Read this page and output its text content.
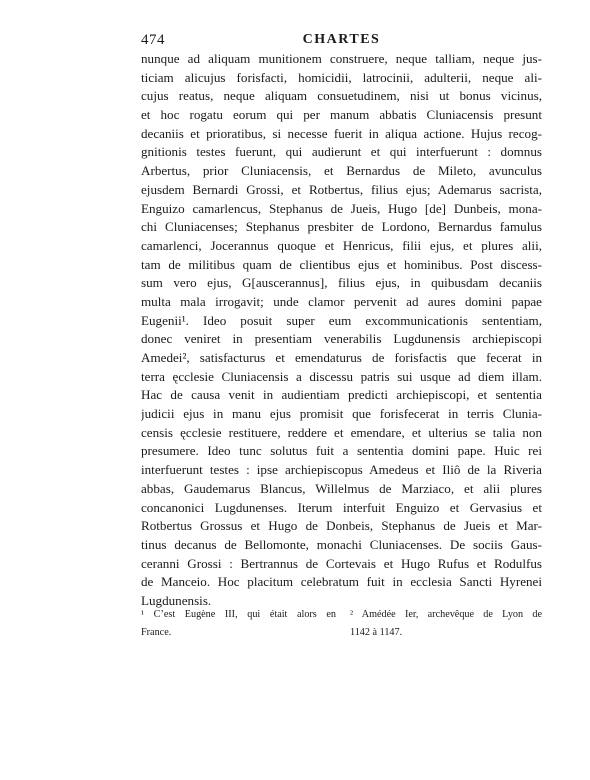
474	CHARTES
nunque ad aliquam munitionem construere, neque talliam, neque jus-
ticiam alicujus forisfacti, homicidii, latrocinii, adulterii, neque ali-
cujus reatus, neque aliquam consuetudinem, nisi ut bonus vicinus,
et hoc rogatu eorum qui per manum abbatis Cluniacensis presunt
decaniis et prioratibus, si necesse fuerit in aliqua actione. Hujus recog-
gnitionis testes fuerunt, qui audierunt et qui interfuerunt : domnus
Arbertus, prior Cluniacensis, et Bernardus de Mileto, avunculus
ejusdem Bernardi Grossi, et Rotbertus, filius ejus; Ademarus sacrista,
Enguizo camarlencus, Stephanus de Jueis, Hugo [de] Dunbeis, mona-
chi Cluniacenses; Stephanus presbiter de Lordono, Bernardus famulus
camarlenci, Jocerannus quoque et Henricus, filii ejus, et plures alii,
tam de militibus quam de clientibus ejus et hominibus. Post discess-
sum vero ejus, G[auscerannus], filius ejus, in quibusdam decaniis
multa mala irrogavit; unde clamor pervenit ad aures domini papae
Eugenii¹. Ideo posuit super eum excommunicationis sententiam,
donec veniret in presentiam venerabilis Lugdunensis archiepiscopi
Amedei², satisfacturus et emendaturus de forisfactis que fecerat in
terra ęcclesie Cluniacensis a discessu patris sui usque ad diem illam.
Hac de causa venit in audientiam predicti archiepiscopi, et sententia
judicii ejus in manu ejus promisit que forisfecerat in terris Clunia-
censis ęcclesie restituere, reddere et emendare, et ulterius se talia non
presumere. Ideo tunc solutus fuit a sententia domini pape. Huic rei
interfuerunt testes : ipse archiepiscopus Amedeus et Iliô de la Riveria
abbas, Gaudemarus Blancus, Willelmus de Marziaco, et alii plures
concanonici Lugdunenses. Iterum interfuit Enguizo et Gervasius et
Rotbertus Grossus et Hugo de Donbeis, Stephanus de Jueis et Mar-
tinus decanus de Bellomonte, monachi Cluniacenses. De sociis Gaus-
ceranni Grossi : Bertrannus de Cortevais et Hugo Rufus et Rodulfus
de Manceio. Hoc placitum celebratum fuit in ecclesia Sancti Hyrenei
Lugdunensis.
¹ C’est Eugène III, qui était alors en
France.
² Amédée Ier, archevêque de Lyon de
1142 à 1147.
